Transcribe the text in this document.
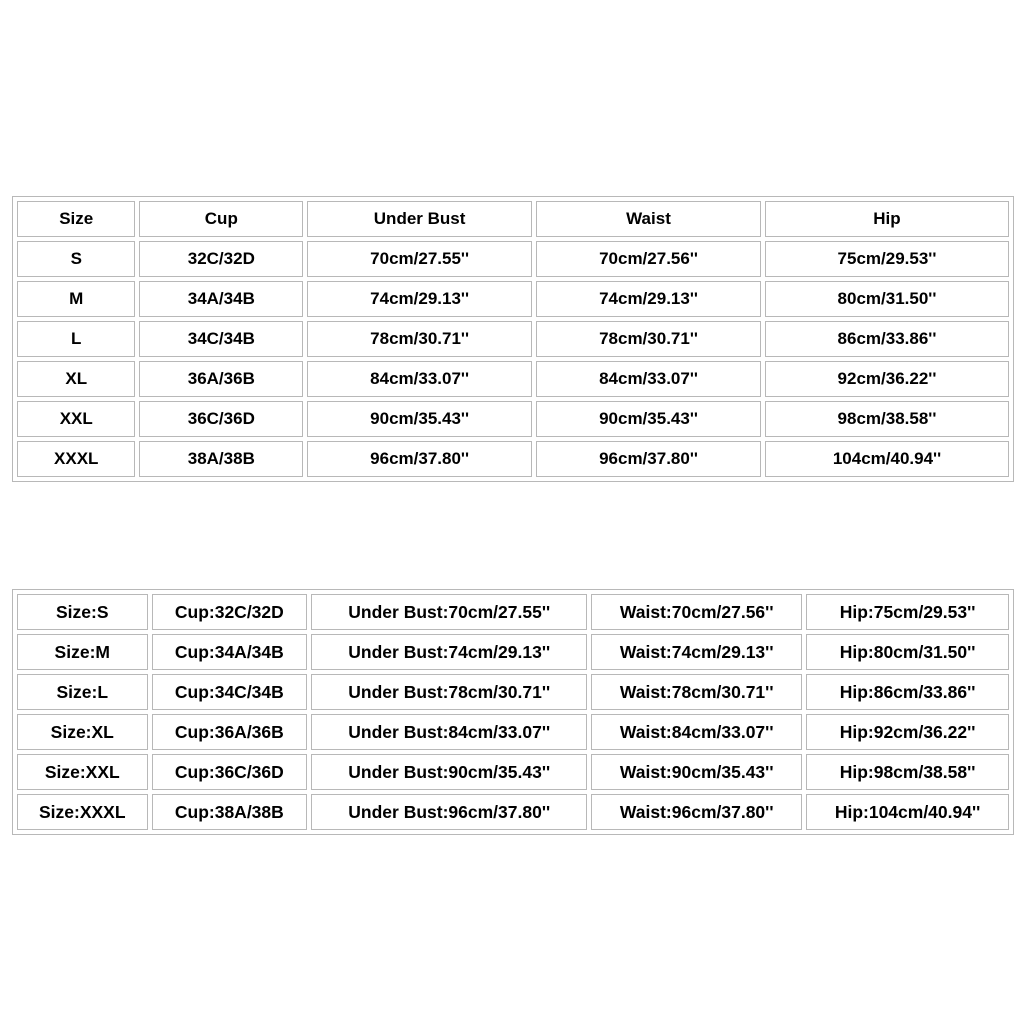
Size	Cup	Under Bust	Waist	Hip
S	32C/32D	70cm/27.55''	70cm/27.56''	75cm/29.53''
M	34A/34B	74cm/29.13''	74cm/29.13''	80cm/31.50''
L	34C/34B	78cm/30.71''	78cm/30.71''	86cm/33.86''
XL	36A/36B	84cm/33.07''	84cm/33.07''	92cm/36.22''
XXL	36C/36D	90cm/35.43''	90cm/35.43''	98cm/38.58''
XXXL	38A/38B	96cm/37.80''	96cm/37.80''	104cm/40.94''
Size:S	Cup:32C/32D	Under Bust:70cm/27.55''	Waist:70cm/27.56''	Hip:75cm/29.53''
Size:M	Cup:34A/34B	Under Bust:74cm/29.13''	Waist:74cm/29.13''	Hip:80cm/31.50''
Size:L	Cup:34C/34B	Under Bust:78cm/30.71''	Waist:78cm/30.71''	Hip:86cm/33.86''
Size:XL	Cup:36A/36B	Under Bust:84cm/33.07''	Waist:84cm/33.07''	Hip:92cm/36.22''
Size:XXL	Cup:36C/36D	Under Bust:90cm/35.43''	Waist:90cm/35.43''	Hip:98cm/38.58''
Size:XXXL	Cup:38A/38B	Under Bust:96cm/37.80''	Waist:96cm/37.80''	Hip:104cm/40.94''
